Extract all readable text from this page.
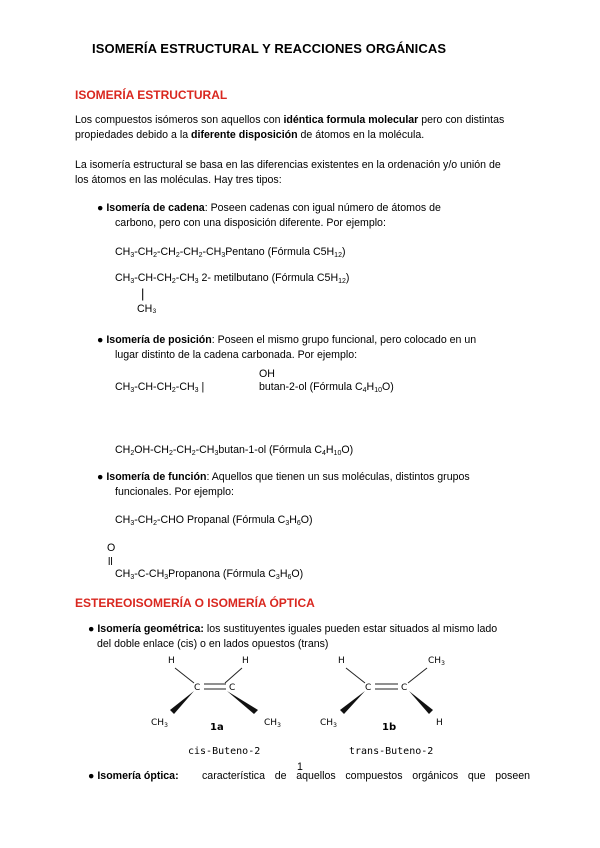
ISOMERÍA ESTRUCTURAL Y REACCIONES ORGÁNICAS
ISOMERÍA ESTRUCTURAL
Los compuestos isómeros son aquellos con idéntica formula molecular pero con distintas propiedades debido a la diferente disposición de átomos en la molécula.
La isomería estructural se basa en las diferencias existentes en la ordenación y/o unión de los átomos en las moléculas. Hay tres tipos:
● Isomería de cadena: Poseen cadenas con igual número de átomos de
carbono, pero con una disposición diferente. Por ejemplo:
$CH_3-CH_2-CH_2-CH_2-CH_3Pentano$ (Fórmula $C5H_{12}$)
$CH_3-CH-CH_2-CH_3$ 2- metilbutano (Fórmula $C5H_{12}$)
|
CH₃
● Isomería de posición: Poseen el mismo grupo funcional, pero colocado en un
lugar distinto de la cadena carbonada. Por ejemplo:
OH
$CH_3-CH-CH_2-CH_3$ |	butan-2-ol (Fórmula $C_4H_{10}O$)
$CH_2OH-CH_2-CH_2-CH_3butan-1-ol$ (Fórmula $C_4H_{10}O$)
● Isomería de función: Aquellos que tienen un sus moléculas, distintos grupos
funcionales. Por ejemplo:
$CH_3-CH_2$-CHO Propanal (Fórmula $C_3H_6O$)
O
ll
$CH_3-C-CH_3Propanona$ (Fórmula $C_3H_6O$)
ESTEREOISOMERÍA O ISOMERÍA ÓPTICA
● Isomería geométrica: los sustituyentes iguales pueden estar situados al mismo lado
del doble enlace (cis) o en lados opuestos (trans)
H	H
C	C
$CH_3$	$CH_3$
1a
cis-Buteno-2
H	$CH_3$
C	C
$CH_3$	H
1b
trans-Buteno-2
1
● Isomería óptica: característica de aquellos compuestos orgánicos que poseen
